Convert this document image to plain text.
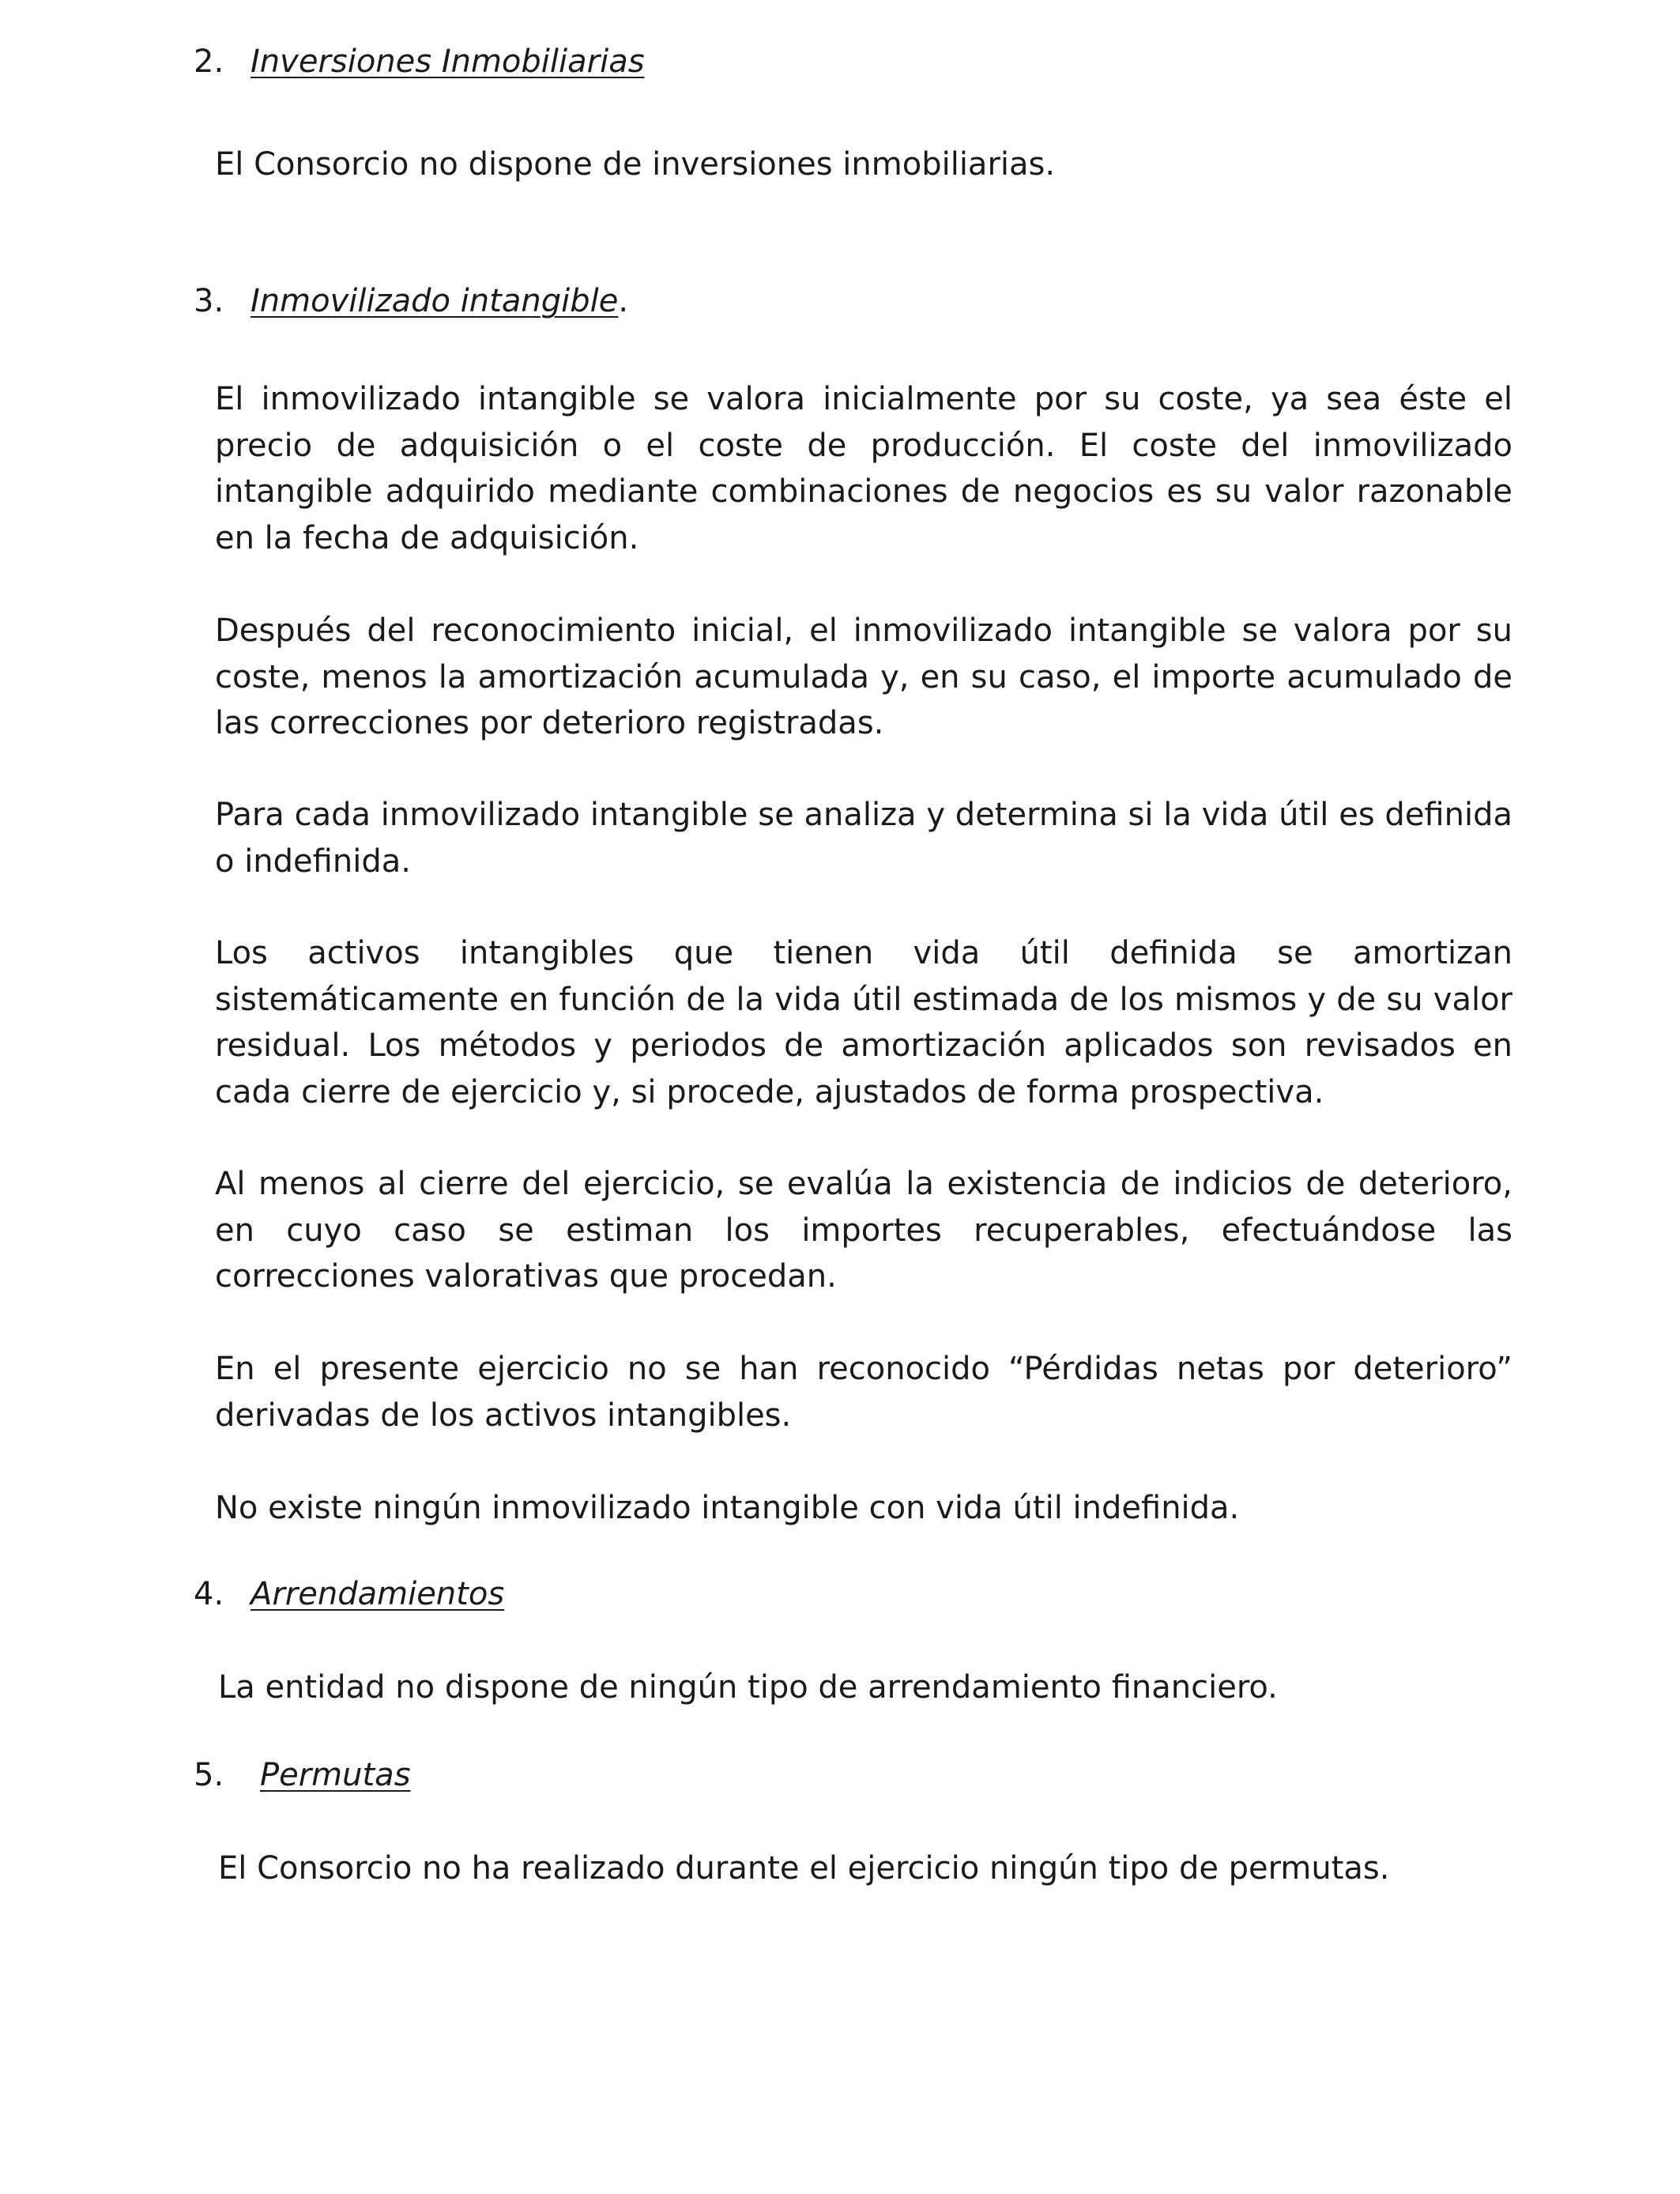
2. Inversiones Inmobiliarias

El Consorcio no dispone de inversiones inmobiliarias.

3. Inmovilizado intangible.

El inmovilizado intangible se valora inicialmente por su coste, ya sea éste el precio de adquisición o el coste de producción. El coste del inmovilizado intangible adquirido mediante combinaciones de negocios es su valor razonable en la fecha de adquisición.

Después del reconocimiento inicial, el inmovilizado intangible se valora por su coste, menos la amortización acumulada y, en su caso, el importe acumulado de las correcciones por deterioro registradas.

Para cada inmovilizado intangible se analiza y determina si la vida útil es definida o indefinida.

Los activos intangibles que tienen vida útil definida se amortizan sistemáticamente en función de la vida útil estimada de los mismos y de su valor residual. Los métodos y periodos de amortización aplicados son revisados en cada cierre de ejercicio y, si procede, ajustados de forma prospectiva.

Al menos al cierre del ejercicio, se evalúa la existencia de indicios de deterioro, en cuyo caso se estiman los importes recuperables, efectuándose las correcciones valorativas que procedan.

En el presente ejercicio no se han reconocido “Pérdidas netas por deterioro” derivadas de los activos intangibles.

No existe ningún inmovilizado intangible con vida útil indefinida.

4. Arrendamientos

La entidad no dispone de ningún tipo de arrendamiento financiero.

5. Permutas

El Consorcio no ha realizado durante el ejercicio ningún tipo de permutas.
